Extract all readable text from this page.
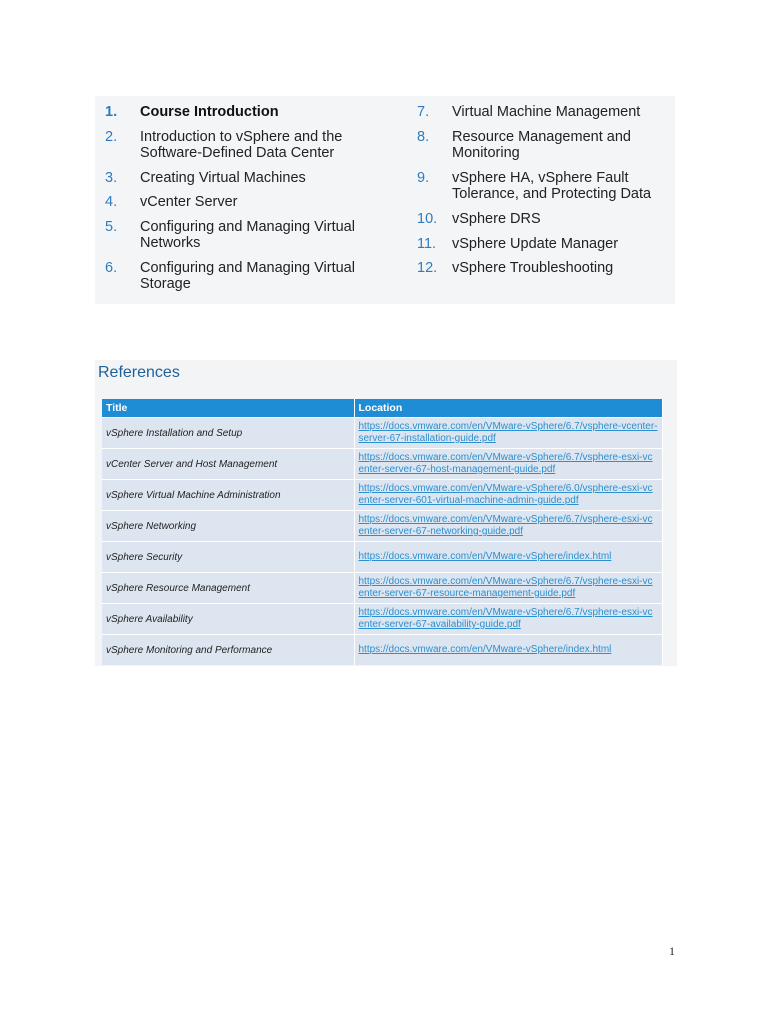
1. Course Introduction
2. Introduction to vSphere and the Software-Defined Data Center
3. Creating Virtual Machines
4. vCenter Server
5. Configuring and Managing Virtual Networks
6. Configuring and Managing Virtual Storage
7. Virtual Machine Management
8. Resource Management and Monitoring
9. vSphere HA, vSphere Fault Tolerance, and Protecting Data
10. vSphere DRS
11. vSphere Update Manager
12. vSphere Troubleshooting
References
Title	Location
vSphere Installation and Setup	https://docs.vmware.com/en/VMware-vSphere/6.7/vsphere-vcenter-server-67-installation-guide.pdf

vCenter Server and Host Management	https://docs.vmware.com/en/VMware-vSphere/6.7/vsphere-esxi-vcenter-server-67-host-management-guide.pdf

vSphere Virtual Machine Administration	https://docs.vmware.com/en/VMware-vSphere/6.0/vsphere-esxi-vcenter-server-601-virtual-machine-admin-guide.pdf

vSphere Networking	https://docs.vmware.com/en/VMware-vSphere/6.7/vsphere-esxi-vcenter-server-67-networking-guide.pdf

vSphere Security	https://docs.vmware.com/en/VMware-vSphere/index.html

vSphere Resource Management	https://docs.vmware.com/en/VMware-vSphere/6.7/vsphere-esxi-vcenter-server-67-resource-management-guide.pdf

vSphere Availability	https://docs.vmware.com/en/VMware-vSphere/6.7/vsphere-esxi-vcenter-server-67-availability-guide.pdf

vSphere Monitoring and Performance	https://docs.vmware.com/en/VMware-vSphere/index.html
1
